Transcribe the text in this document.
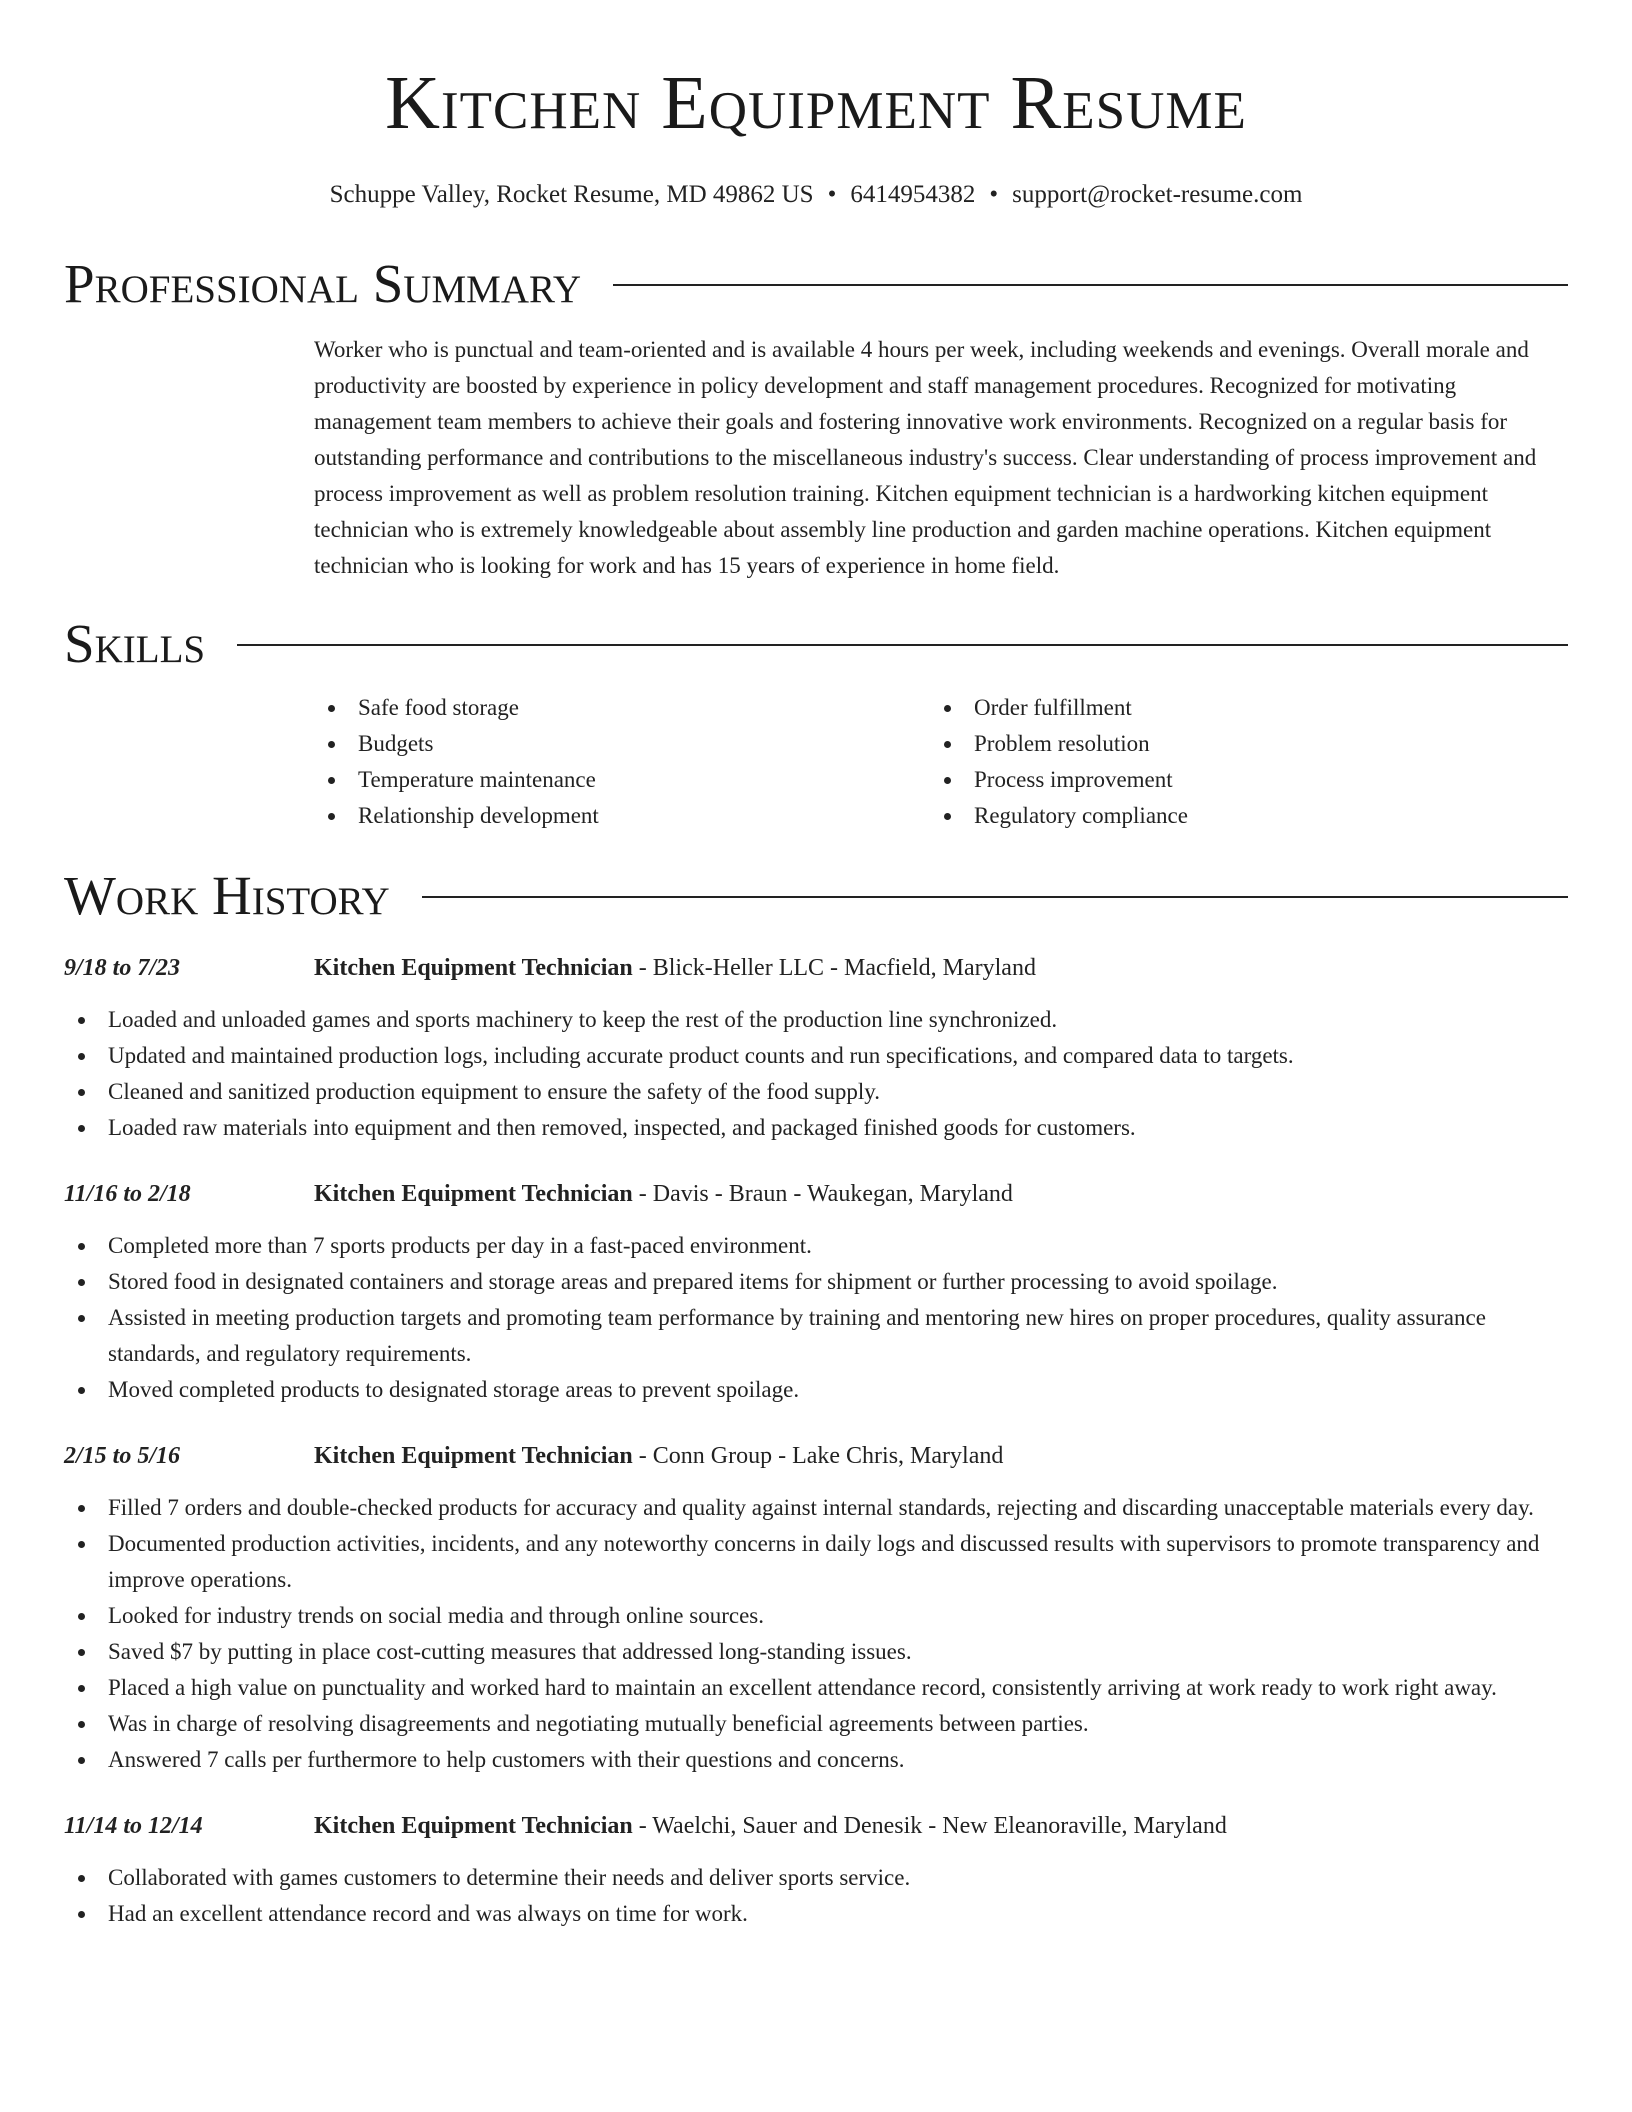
Kitchen Equipment Resume
Schuppe Valley, Rocket Resume, MD 49862 US • 6414954382 • support@rocket-resume.com
Professional Summary
Worker who is punctual and team-oriented and is available 4 hours per week, including weekends and evenings. Overall morale and productivity are boosted by experience in policy development and staff management procedures. Recognized for motivating management team members to achieve their goals and fostering innovative work environments. Recognized on a regular basis for outstanding performance and contributions to the miscellaneous industry's success. Clear understanding of process improvement and process improvement as well as problem resolution training. Kitchen equipment technician is a hardworking kitchen equipment technician who is extremely knowledgeable about assembly line production and garden machine operations. Kitchen equipment technician who is looking for work and has 15 years of experience in home field.
Skills
Safe food storage
Budgets
Temperature maintenance
Relationship development
Order fulfillment
Problem resolution
Process improvement
Regulatory compliance
Work History
9/18 to 7/23	Kitchen Equipment Technician - Blick-Heller LLC - Macfield, Maryland
Loaded and unloaded games and sports machinery to keep the rest of the production line synchronized.
Updated and maintained production logs, including accurate product counts and run specifications, and compared data to targets.
Cleaned and sanitized production equipment to ensure the safety of the food supply.
Loaded raw materials into equipment and then removed, inspected, and packaged finished goods for customers.
11/16 to 2/18	Kitchen Equipment Technician - Davis - Braun - Waukegan, Maryland
Completed more than 7 sports products per day in a fast-paced environment.
Stored food in designated containers and storage areas and prepared items for shipment or further processing to avoid spoilage.
Assisted in meeting production targets and promoting team performance by training and mentoring new hires on proper procedures, quality assurance standards, and regulatory requirements.
Moved completed products to designated storage areas to prevent spoilage.
2/15 to 5/16	Kitchen Equipment Technician - Conn Group - Lake Chris, Maryland
Filled 7 orders and double-checked products for accuracy and quality against internal standards, rejecting and discarding unacceptable materials every day.
Documented production activities, incidents, and any noteworthy concerns in daily logs and discussed results with supervisors to promote transparency and improve operations.
Looked for industry trends on social media and through online sources.
Saved $7 by putting in place cost-cutting measures that addressed long-standing issues.
Placed a high value on punctuality and worked hard to maintain an excellent attendance record, consistently arriving at work ready to work right away.
Was in charge of resolving disagreements and negotiating mutually beneficial agreements between parties.
Answered 7 calls per furthermore to help customers with their questions and concerns.
11/14 to 12/14	Kitchen Equipment Technician - Waelchi, Sauer and Denesik - New Eleanoraville, Maryland
Collaborated with games customers to determine their needs and deliver sports service.
Had an excellent attendance record and was always on time for work.
